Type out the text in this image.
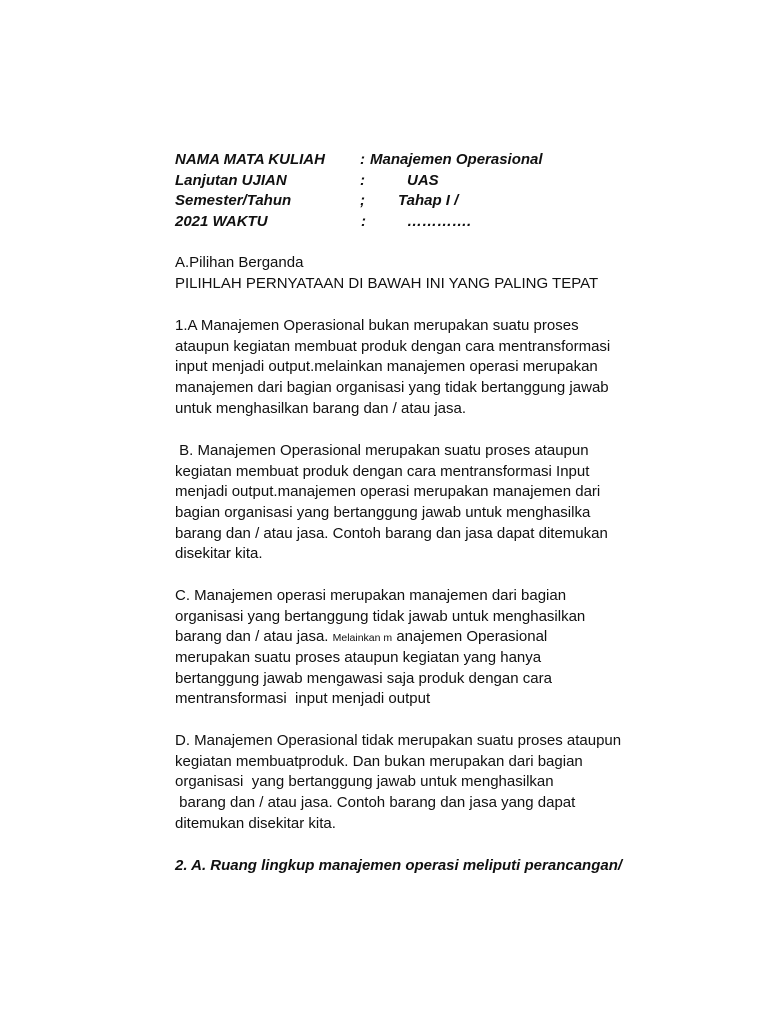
NAMA MATA KULIAH : Manajemen Operasional
Lanjutan UJIAN	:	UAS
Semester/Tahun	; Tahap I /
2021 WAKTU	:	………….
A.Pilihan Berganda
PILIHLAH PERNYATAAN DI BAWAH INI YANG PALING TEPAT
1.A Manajemen Operasional bukan merupakan suatu proses
ataupun kegiatan membuat produk dengan cara mentransformasi
input menjadi output.melainkan manajemen operasi merupakan
manajemen dari bagian organisasi yang tidak bertanggung jawab
untuk menghasilkan barang dan / atau jasa.
B. Manajemen Operasional merupakan suatu proses ataupun
kegiatan membuat produk dengan cara mentransformasi Input
menjadi output.manajemen operasi merupakan manajemen dari
bagian organisasi yang bertanggung jawab untuk menghasilka
barang dan / atau jasa. Contoh barang dan jasa dapat ditemukan
disekitar kita.
C. Manajemen operasi merupakan manajemen dari bagian
organisasi yang bertanggung tidak jawab untuk menghasilkan
barang dan / atau jasa. Melainkan m anajemen Operasional
merupakan suatu proses ataupun kegiatan yang hanya
bertanggung jawab mengawasi saja produk dengan cara
mentransformasi  input menjadi output
D. Manajemen Operasional tidak merupakan suatu proses ataupun
kegiatan membuatproduk. Dan bukan merupakan dari bagian
organisasi  yang bertanggung jawab untuk menghasilkan
barang dan / atau jasa. Contoh barang dan jasa yang dapat
ditemukan disekitar kita.
2. A. Ruang lingkup manajemen operasi meliputi perancangan/
